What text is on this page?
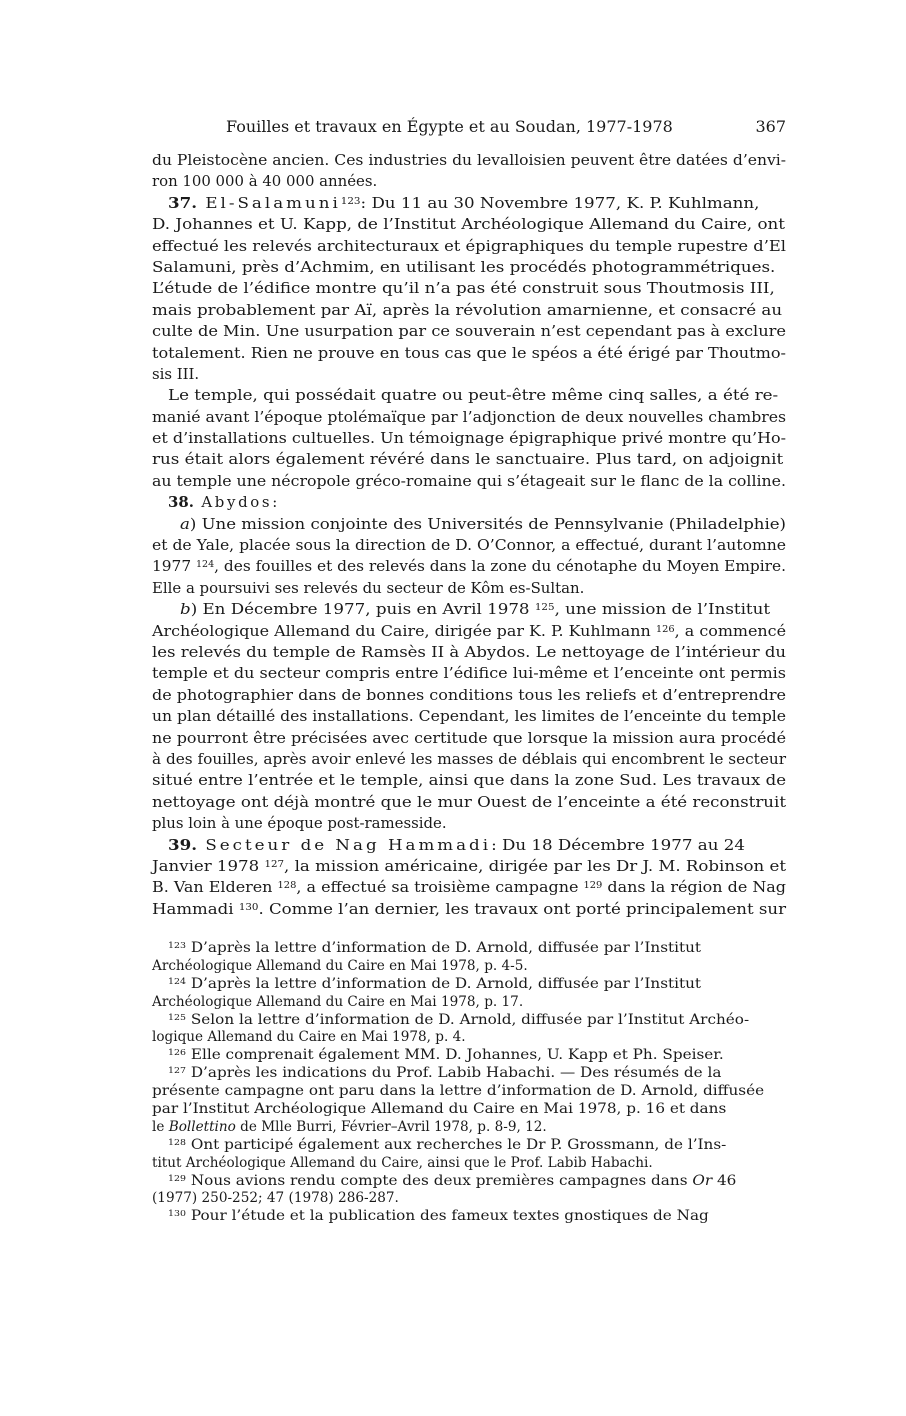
Fouilles et travaux en Égypte et au Soudan, 1977-1978	367
du Pleistocène ancien. Ces industries du levalloisien peuvent être datées d’envi-
ron 100 000 à 40 000 années.
37. El-Salamuni$^{123}$: Du 11 au 30 Novembre 1977, K. P. Kuhlmann,
D. Johannes et U. Kapp, de l’Institut Archéologique Allemand du Caire, ont
effectué les relevés architecturaux et épigraphiques du temple rupestre d’El
Salamuni, près d’Achmim, en utilisant les procédés photogrammétriques.
L’étude de l’édifice montre qu’il n’a pas été construit sous Thoutmosis III,
mais probablement par Aï, après la révolution amarnienne, et consacré au
culte de Min. Une usurpation par ce souverain n’est cependant pas à exclure
totalement. Rien ne prouve en tous cas que le spéos a été érigé par Thoutmo-
sis III.
Le temple, qui possédait quatre ou peut-être même cinq salles, a été re-
manié avant l’époque ptolémaïque par l’adjonction de deux nouvelles chambres
et d’installations cultuelles. Un témoignage épigraphique privé montre qu’Ho-
rus était alors également révéré dans le sanctuaire. Plus tard, on adjoignit
au temple une nécropole gréco-romaine qui s’étageait sur le flanc de la colline.
38. Abydos:
a) Une mission conjointe des Universités de Pennsylvanie (Philadelphie)
et de Yale, placée sous la direction de D. O’Connor, a effectué, durant l’automne
1977 $^{124}$, des fouilles et des relevés dans la zone du cénotaphe du Moyen Empire.
Elle a poursuivi ses relevés du secteur de Kôm es-Sultan.
b) En Décembre 1977, puis en Avril 1978 $^{125}$, une mission de l’Institut
Archéologique Allemand du Caire, dirigée par K. P. Kuhlmann $^{126}$, a commencé
les relevés du temple de Ramsès II à Abydos. Le nettoyage de l’intérieur du
temple et du secteur compris entre l’édifice lui-même et l’enceinte ont permis
de photographier dans de bonnes conditions tous les reliefs et d’entreprendre
un plan détaillé des installations. Cependant, les limites de l’enceinte du temple
ne pourront être précisées avec certitude que lorsque la mission aura procédé
à des fouilles, après avoir enlevé les masses de déblais qui encombrent le secteur
situé entre l’entrée et le temple, ainsi que dans la zone Sud. Les travaux de
nettoyage ont déjà montré que le mur Ouest de l’enceinte a été reconstruit
plus loin à une époque post-ramesside.
39. Secteur de Nag Hammadi: Du 18 Décembre 1977 au 24
Janvier 1978 $^{127}$, la mission américaine, dirigée par les Dr J. M. Robinson et
B. Van Elderen $^{128}$, a effectué sa troisième campagne $^{129}$ dans la région de Nag
Hammadi $^{130}$. Comme l’an dernier, les travaux ont porté principalement sur
$^{123}$ D’après la lettre d’information de D. Arnold, diffusée par l’Institut
Archéologique Allemand du Caire en Mai 1978, p. 4-5.
$^{124}$ D’après la lettre d’information de D. Arnold, diffusée par l’Institut
Archéologique Allemand du Caire en Mai 1978, p. 17.
$^{125}$ Selon la lettre d’information de D. Arnold, diffusée par l’Institut Archéo-
logique Allemand du Caire en Mai 1978, p. 4.
$^{126}$ Elle comprenait également MM. D. Johannes, U. Kapp et Ph. Speiser.
$^{127}$ D’après les indications du Prof. Labib Habachi. — Des résumés de la
présente campagne ont paru dans la lettre d’information de D. Arnold, diffusée
par l’Institut Archéologique Allemand du Caire en Mai 1978, p. 16 et dans
le Bollettino de Mlle Burri, Février–Avril 1978, p. 8-9, 12.
$^{128}$ Ont participé également aux recherches le Dr P. Grossmann, de l’Ins-
titut Archéologique Allemand du Caire, ainsi que le Prof. Labib Habachi.
$^{129}$ Nous avions rendu compte des deux premières campagnes dans Or 46
(1977) 250-252; 47 (1978) 286-287.
$^{130}$ Pour l’étude et la publication des fameux textes gnostiques de Nag
